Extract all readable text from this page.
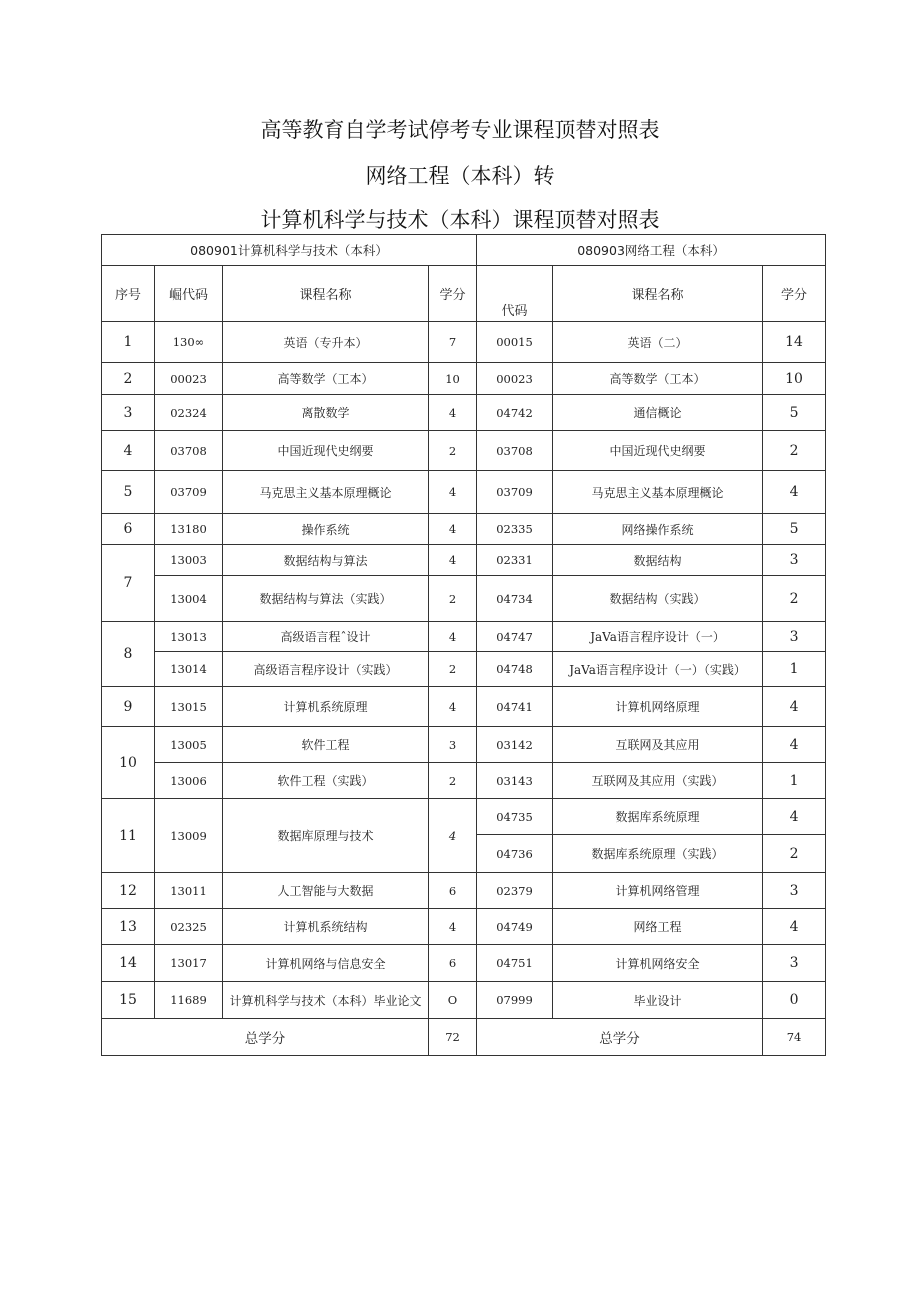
高等教育自学考试停考专业课程顶替对照表
网络工程（本科）转
计算机科学与技术（本科）课程顶替对照表
080901计算机科学与技术（本科）				080903网络工程（本科）		
序号	崛代码	课程名称	学分	代码	课程名称	学分
1	130∞	英语（专升本）	7	00015	英语（二）	14
2	00023	高等数学（工本）	10	00023	高等数学（工本）	10
3	02324	离散数学	4	04742	通信概论	5
4	03708	中国近现代史纲要	2	03708	中国近现代史纲要	2
5	03709	马克思主义基本原理概论	4	03709	马克思主义基本原理概论	4
6	13180	操作系统	4	02335	网络操作系统	5
7	13003	数据结构与算法	4	02331	数据结构	3
	13004	数据结构与算法（实践）	2	04734	数据结构（实践）	2
8	13013	高级语言程ˆ设计	4	04747	JaVa语言程序设计（一）	3
	13014	高级语言程序设计（实践）	2	04748	JaVa语言程序设计（一）（实践）	1
9	13015	计算机系统原理	4	04741	计算机网络原理	4
10	13005	软件工程	3	03142	互联网及其应用	4
	13006	软件工程（实践）	2	03143	互联网及其应用（实践）	1
11	13009	数据库原理与技术	4	04735	数据库系统原理	4
				04736	数据库系统原理（实践）	2
12	13011	人工智能与大数据	6	02379	计算机网络管理	3
13	02325	计算机系统结构	4	04749	网络工程	4
14	13017	计算机网络与信息安全	6	04751	计算机网络安全	3
15	11689	计算机科学与技术（本科）毕业论文	O	07999	毕业设计	0
总学分			72	总学分		74
